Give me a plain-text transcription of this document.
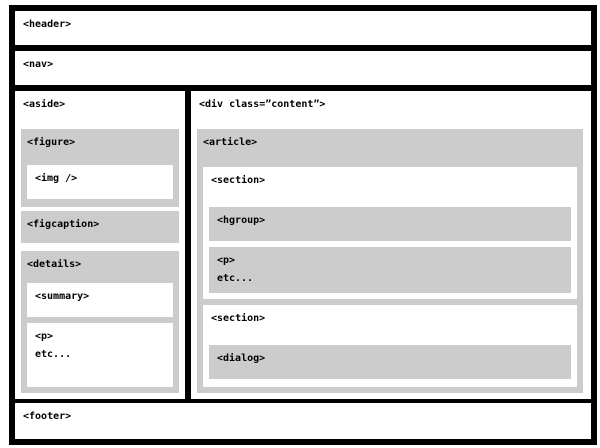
<header>
<nav>
<aside>
<figure>
<img />
<figcaption>
<details>
<summary>
<p>
etc...
<div class=”content”>
<article>
<section>
<hgroup>
<p>
etc...
<section>
<dialog>
<footer>
